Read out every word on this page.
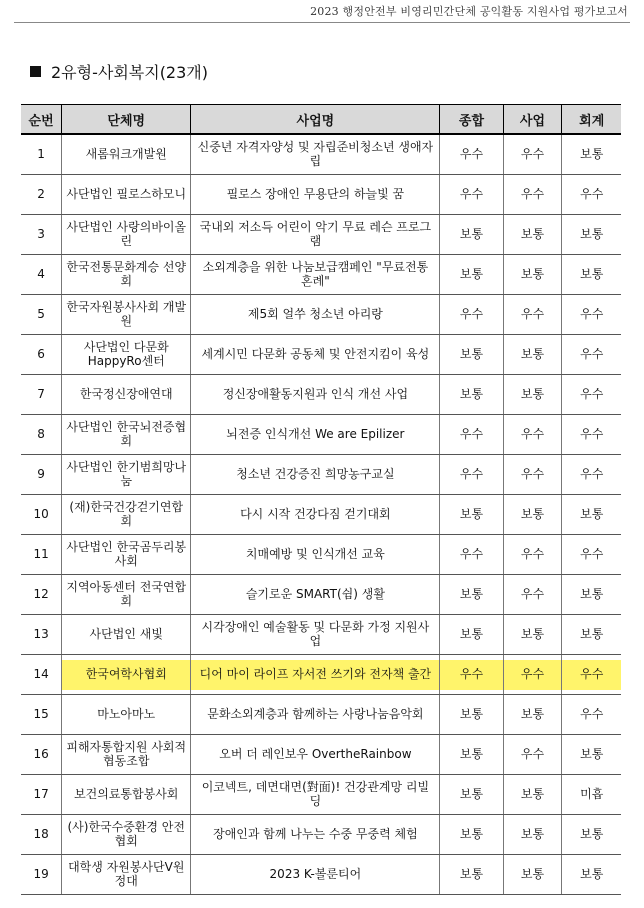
2023 행정안전부 비영리민간단체 공익활동 지원사업 평가보고서
2유형-사회복지(23개)
순번	단체명	사업명	종합	사업	회계
1	새롬워크개발원	신중년 자격자양성 및 자립준비청소년 생애자립	우수	우수	보통
2	사단법인 필로스하모니	필로스 장애인 무용단의 하늘빛 꿈	우수	우수	우수
3	사단법인 사랑의바이올린	국내외 저소득 어린이 악기 무료 레슨 프로그램	보통	보통	보통
4	한국전통문화계승 선양회	소외계층을 위한 나눔보급캠페인 "무료전통혼례"	보통	보통	보통
5	한국자원봉사사회 개발원	제5회 얼쑤 청소년 아리랑	우수	우수	우수
6	사단법인 다문화HappyRo센터	세계시민 다문화 공동체 및 안전지킴이 육성	보통	보통	우수
7	한국정신장애연대	정신장애활동지원과 인식 개선 사업	보통	보통	우수
8	사단법인 한국뇌전증협회	뇌전증 인식개선 We are Epilizer	우수	우수	우수
9	사단법인 한기범희망나눔	청소년 건강증진 희망농구교실	우수	우수	우수
10	(재)한국건강걷기연합회	다시 시작 건강다짐 걷기대회	보통	보통	보통
11	사단법인 한국곰두리봉사회	치매예방 및 인식개선 교육	우수	우수	우수
12	지역아동센터 전국연합회	슬기로운 SMART(쉼) 생활	보통	우수	보통
13	사단법인 새빛	시각장애인 예술활동 및 다문화 가정 지원사업	보통	보통	보통
14	한국여학사협회	디어 마이 라이프 자서전 쓰기와 전자책 출간	우수	우수	우수
15	마노아마노	문화소외계층과 함께하는 사랑나눔음악회	보통	보통	우수
16	피해자통합지원 사회적협동조합	오버 더 레인보우 OvertheRainbow	보통	우수	보통
17	보건의료통합봉사회	이코넥트, 데면대면(對面)! 건강관계망 리빌딩	보통	보통	미흡
18	(사)한국수중환경 안전협회	장애인과 함께 나누는 수중 무중력 체험	보통	보통	보통
19	대학생 자원봉사단V원정대	2023 K-볼룬티어	보통	보통	보통
